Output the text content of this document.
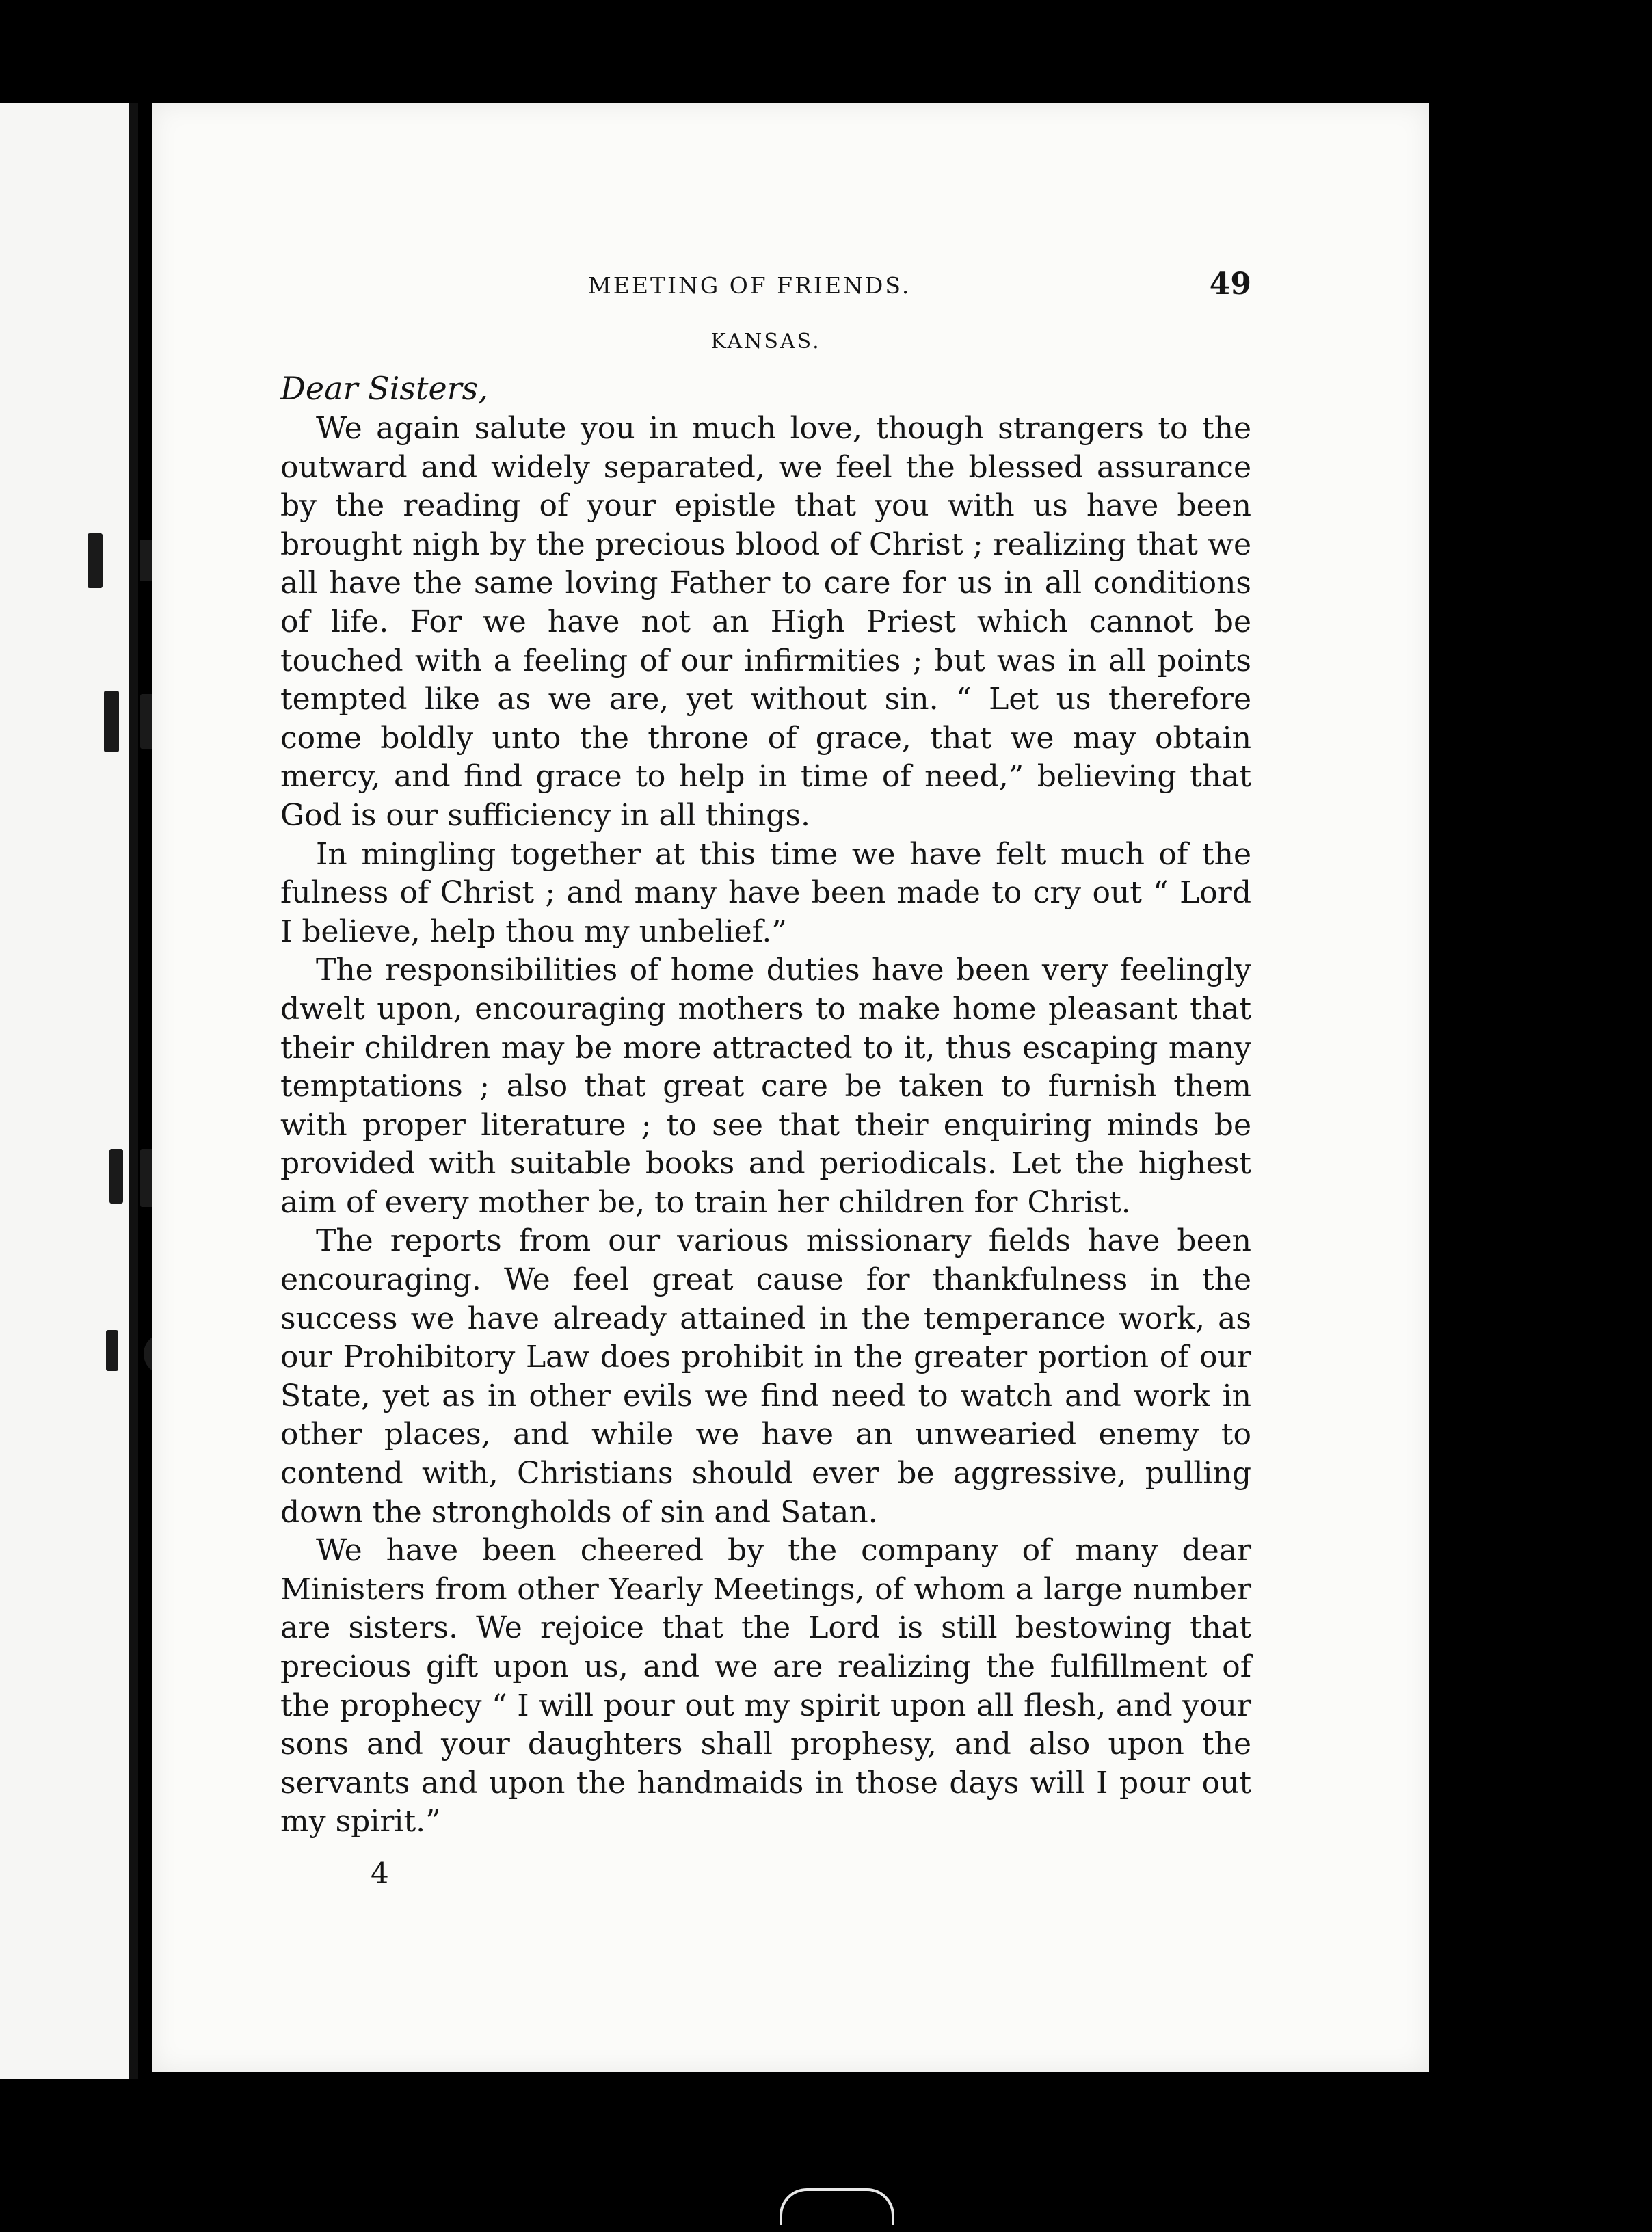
MEETING OF FRIENDS.	49
KANSAS.
Dear Sisters,

We again salute you in much love, though strangers to the outward and widely separated, we feel the blessed assurance by the reading of your epistle that you with us have been brought nigh by the precious blood of Christ ; realizing that we all have the same loving Father to care for us in all conditions of life. For we have not an High Priest which cannot be touched with a feeling of our infirmities ; but was in all points tempted like as we are, yet without sin. “ Let us therefore come boldly unto the throne of grace, that we may obtain mercy, and find grace to help in time of need,” believing that God is our sufficiency in all things.

In mingling together at this time we have felt much of the fulness of Christ ; and many have been made to cry out “ Lord I believe, help thou my unbelief.”

The responsibilities of home duties have been very feelingly dwelt upon, encouraging mothers to make home pleasant that their children may be more attracted to it, thus escaping many temptations ; also that great care be taken to furnish them with proper literature ; to see that their enquiring minds be provided with suitable books and periodicals. Let the highest aim of every mother be, to train her children for Christ.

The reports from our various missionary fields have been encouraging. We feel great cause for thankfulness in the success we have already attained in the temperance work, as our Prohibitory Law does prohibit in the greater portion of our State, yet as in other evils we find need to watch and work in other places, and while we have an unwearied enemy to contend with, Christians should ever be aggressive, pulling down the strongholds of sin and Satan.

We have been cheered by the company of many dear Ministers from other Yearly Meetings, of whom a large number are sisters. We rejoice that the Lord is still bestowing that precious gift upon us, and we are realizing the fulfillment of the prophecy “ I will pour out my spirit upon all flesh, and your sons and your daughters shall prophesy, and also upon the servants and upon the handmaids in those days will I pour out my spirit.”

4
